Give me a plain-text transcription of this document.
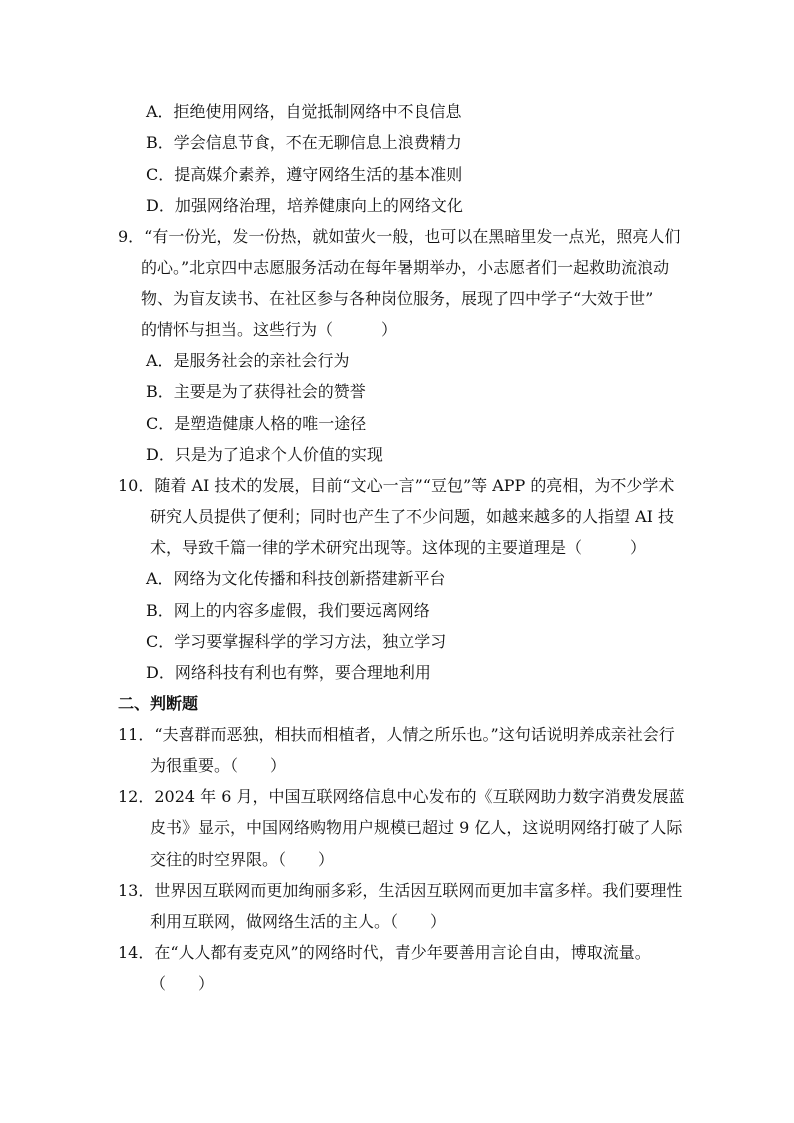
A．拒绝使用网络，自觉抵制网络中不良信息
B．学会信息节食，不在无聊信息上浪费精力
C．提高媒介素养，遵守网络生活的基本准则
D．加强网络治理，培养健康向上的网络文化
9．“有一份光，发一份热，就如萤火一般，也可以在黑暗里发一点光，照亮人们
的心。”北京四中志愿服务活动在每年暑期举办，小志愿者们一起救助流浪动
物、为盲友读书、在社区参与各种岗位服务，展现了四中学子“大效于世”
的情怀与担当。这些行为（　　　）
A．是服务社会的亲社会行为
B．主要是为了获得社会的赞誉
C．是塑造健康人格的唯一途径
D．只是为了追求个人价值的实现
10．随着 AI 技术的发展，目前“文心一言”“豆包”等 APP 的亮相，为不少学术
研究人员提供了便利；同时也产生了不少问题，如越来越多的人指望 AI 技
术，导致千篇一律的学术研究出现等。这体现的主要道理是（　　　）
A．网络为文化传播和科技创新搭建新平台
B．网上的内容多虚假，我们要远离网络
C．学习要掌握科学的学习方法，独立学习
D．网络科技有利也有弊，要合理地利用
二、判断题
11．“夫喜群而恶独，相扶而相植者，人情之所乐也。”这句话说明养成亲社会行
为很重要。（　　）
12．2024 年 6 月，中国互联网络信息中心发布的《互联网助力数字消费发展蓝
皮书》显示，中国网络购物用户规模已超过 9 亿人，这说明网络打破了人际
交往的时空界限。（　　）
13．世界因互联网而更加绚丽多彩，生活因互联网而更加丰富多样。我们要理性
利用互联网，做网络生活的主人。（　　）
14．在“人人都有麦克风”的网络时代，青少年要善用言论自由，博取流量。
（　　）
